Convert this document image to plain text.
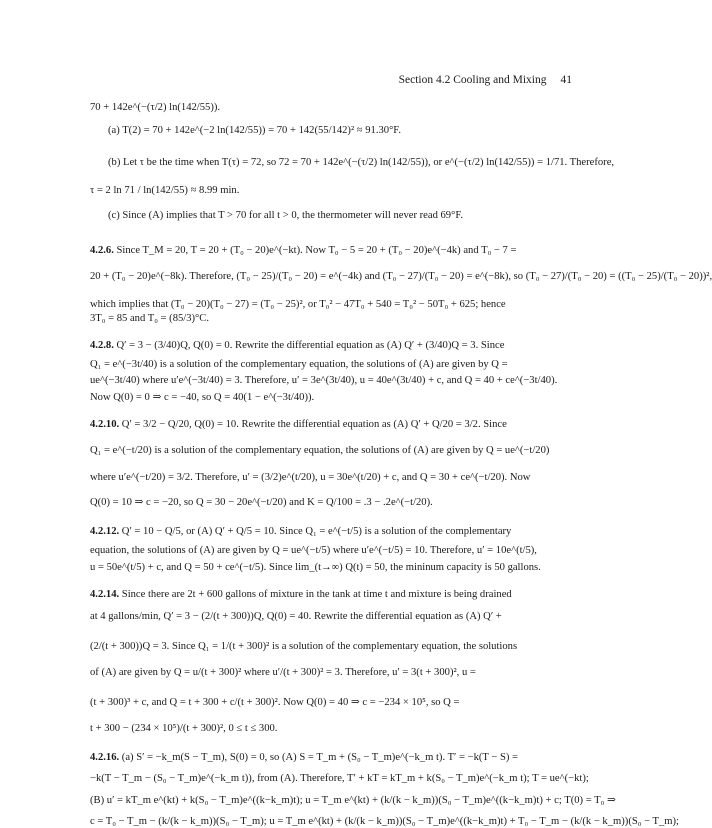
Section 4.2 Cooling and Mixing 41
70 + 142e^(−(τ/2) ln(142/55)).
(a) T(2) = 70 + 142e^(−2 ln(142/55)) = 70 + 142(55/142)² ≈ 91.30°F.
(b) Let τ be the time when T(τ) = 72, so 72 = 70 + 142e^(−(τ/2) ln(142/55)), or e^(−(τ/2) ln(142/55)) = 1/71. Therefore,
τ = 2 ln 71 / ln(142/55) ≈ 8.99 min.
(c) Since (A) implies that T > 70 for all t > 0, the thermometer will never read 69°F.
4.2.6. Since T_M = 20, T = 20 + (T₀ − 20)e^(−kt). Now T₀ − 5 = 20 + (T₀ − 20)e^(−4k) and T₀ − 7 =
20 + (T₀ − 20)e^(−8k). Therefore, (T₀ − 25)/(T₀ − 20) = e^(−4k) and (T₀ − 27)/(T₀ − 20) = e^(−8k), so (T₀ − 27)/(T₀ − 20) = ((T₀ − 25)/(T₀ − 20))²,
which implies that (T₀ − 20)(T₀ − 27) = (T₀ − 25)², or T₀² − 47T₀ + 540 = T₀² − 50T₀ + 625; hence
3T₀ = 85 and T₀ = (85/3)°C.
4.2.8. Q′ = 3 − (3/40)Q, Q(0) = 0. Rewrite the differential equation as (A) Q′ + (3/40)Q = 3. Since
Q₁ = e^(−3t/40) is a solution of the complementary equation, the solutions of (A) are given by Q =
ue^(−3t/40) where u′e^(−3t/40) = 3. Therefore, u′ = 3e^(3t/40), u = 40e^(3t/40) + c, and Q = 40 + ce^(−3t/40).
Now Q(0) = 0 ⇒ c = −40, so Q = 40(1 − e^(−3t/40)).
4.2.10. Q′ = 3/2 − Q/20, Q(0) = 10. Rewrite the differential equation as (A) Q′ + Q/20 = 3/2. Since
Q₁ = e^(−t/20) is a solution of the complementary equation, the solutions of (A) are given by Q = ue^(−t/20)
where u′e^(−t/20) = 3/2. Therefore, u′ = (3/2)e^(t/20), u = 30e^(t/20) + c, and Q = 30 + ce^(−t/20). Now
Q(0) = 10 ⇒ c = −20, so Q = 30 − 20e^(−t/20) and K = Q/100 = .3 − .2e^(−t/20).
4.2.12. Q′ = 10 − Q/5, or (A) Q′ + Q/5 = 10. Since Q₁ = e^(−t/5) is a solution of the complementary
equation, the solutions of (A) are given by Q = ue^(−t/5) where u′e^(−t/5) = 10. Therefore, u′ = 10e^(t/5),
u = 50e^(t/5) + c, and Q = 50 + ce^(−t/5). Since lim_(t→∞) Q(t) = 50, the mininum capacity is 50 gallons.
4.2.14. Since there are 2t + 600 gallons of mixture in the tank at time t and mixture is being drained
at 4 gallons/min, Q′ = 3 − (2/(t + 300))Q, Q(0) = 40. Rewrite the differential equation as (A) Q′ +
(2/(t + 300))Q = 3. Since Q₁ = 1/(t + 300)² is a solution of the complementary equation, the solutions
of (A) are given by Q = u/(t + 300)² where u′/(t + 300)² = 3. Therefore, u′ = 3(t + 300)², u =
(t + 300)³ + c, and Q = t + 300 + c/(t + 300)². Now Q(0) = 40 ⇒ c = −234 × 10⁵, so Q =
t + 300 − (234 × 10⁵)/(t + 300)², 0 ≤ t ≤ 300.
4.2.16. (a) S′ = −k_m(S − T_m), S(0) = 0, so (A) S = T_m + (S₀ − T_m)e^(−k_m t). T′ = −k(T − S) =
−k(T − T_m − (S₀ − T_m)e^(−k_m t)), from (A). Therefore, T′ + kT = kT_m + k(S₀ − T_m)e^(−k_m t); T = ue^(−kt);
(B) u′ = kT_m e^(kt) + k(S₀ − T_m)e^((k−k_m)t); u = T_m e^(kt) + (k/(k − k_m))(S₀ − T_m)e^((k−k_m)t) + c; T(0) = T₀ ⇒
c = T₀ − T_m − (k/(k − k_m))(S₀ − T_m); u = T_m e^(kt) + (k/(k − k_m))(S₀ − T_m)e^((k−k_m)t) + T₀ − T_m − (k/(k − k_m))(S₀ − T_m);
